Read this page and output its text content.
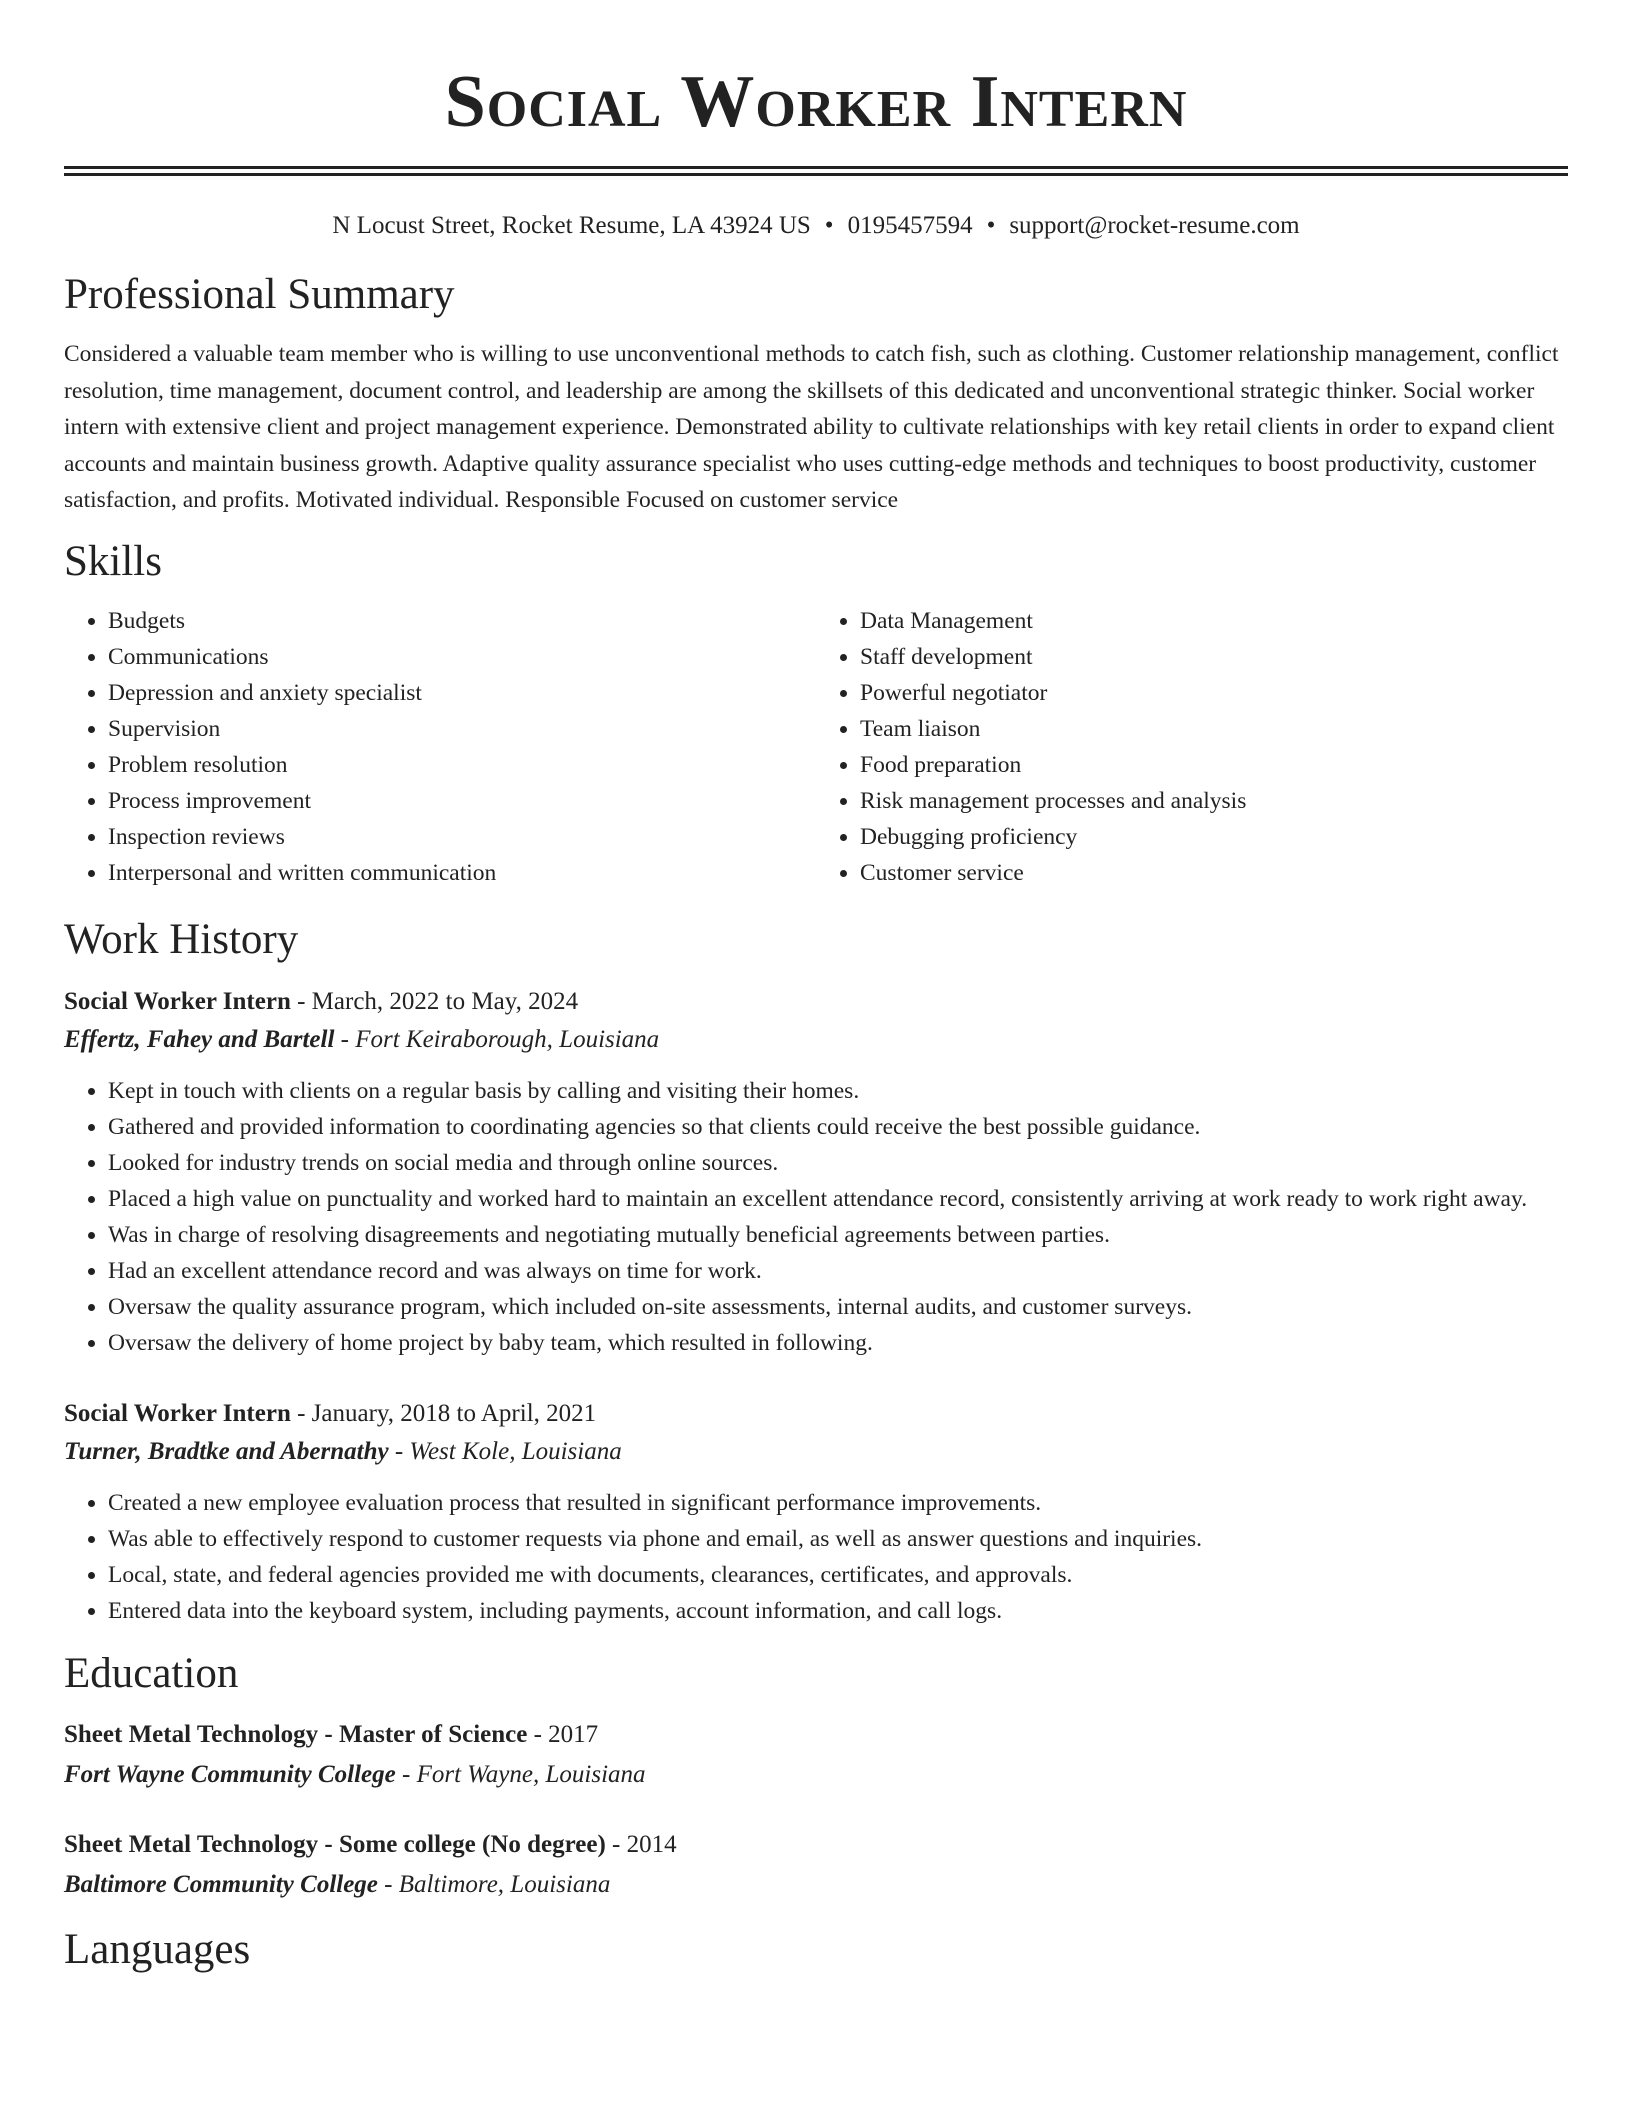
Social Worker Intern
N Locust Street, Rocket Resume, LA 43924 US • 0195457594 • support@rocket-resume.com
Professional Summary

Considered a valuable team member who is willing to use unconventional methods to catch fish, such as clothing. Customer relationship management, conflict resolution, time management, document control, and leadership are among the skillsets of this dedicated and unconventional strategic thinker. Social worker intern with extensive client and project management experience. Demonstrated ability to cultivate relationships with key retail clients in order to expand client accounts and maintain business growth. Adaptive quality assurance specialist who uses cutting-edge methods and techniques to boost productivity, customer satisfaction, and profits. Motivated individual. Responsible Focused on customer service

Skills
• Budgets
• Communications
• Depression and anxiety specialist
• Supervision
• Problem resolution
• Process improvement
• Inspection reviews
• Interpersonal and written communication
• Data Management
• Staff development
• Powerful negotiator
• Team liaison
• Food preparation
• Risk management processes and analysis
• Debugging proficiency
• Customer service
Work History
Social Worker Intern - March, 2022 to May, 2024
Effertz, Fahey and Bartell - Fort Keiraborough, Louisiana
• Kept in touch with clients on a regular basis by calling and visiting their homes.
• Gathered and provided information to coordinating agencies so that clients could receive the best possible guidance.
• Looked for industry trends on social media and through online sources.
• Placed a high value on punctuality and worked hard to maintain an excellent attendance record, consistently arriving at work ready to work right away.
• Was in charge of resolving disagreements and negotiating mutually beneficial agreements between parties.
• Had an excellent attendance record and was always on time for work.
• Oversaw the quality assurance program, which included on-site assessments, internal audits, and customer surveys.
• Oversaw the delivery of home project by baby team, which resulted in following.
Social Worker Intern - January, 2018 to April, 2021
Turner, Bradtke and Abernathy - West Kole, Louisiana
• Created a new employee evaluation process that resulted in significant performance improvements.
• Was able to effectively respond to customer requests via phone and email, as well as answer questions and inquiries.
• Local, state, and federal agencies provided me with documents, clearances, certificates, and approvals.
• Entered data into the keyboard system, including payments, account information, and call logs.
Education
Sheet Metal Technology - Master of Science - 2017
Fort Wayne Community College - Fort Wayne, Louisiana
Sheet Metal Technology - Some college (No degree) - 2014
Baltimore Community College - Baltimore, Louisiana
Languages
